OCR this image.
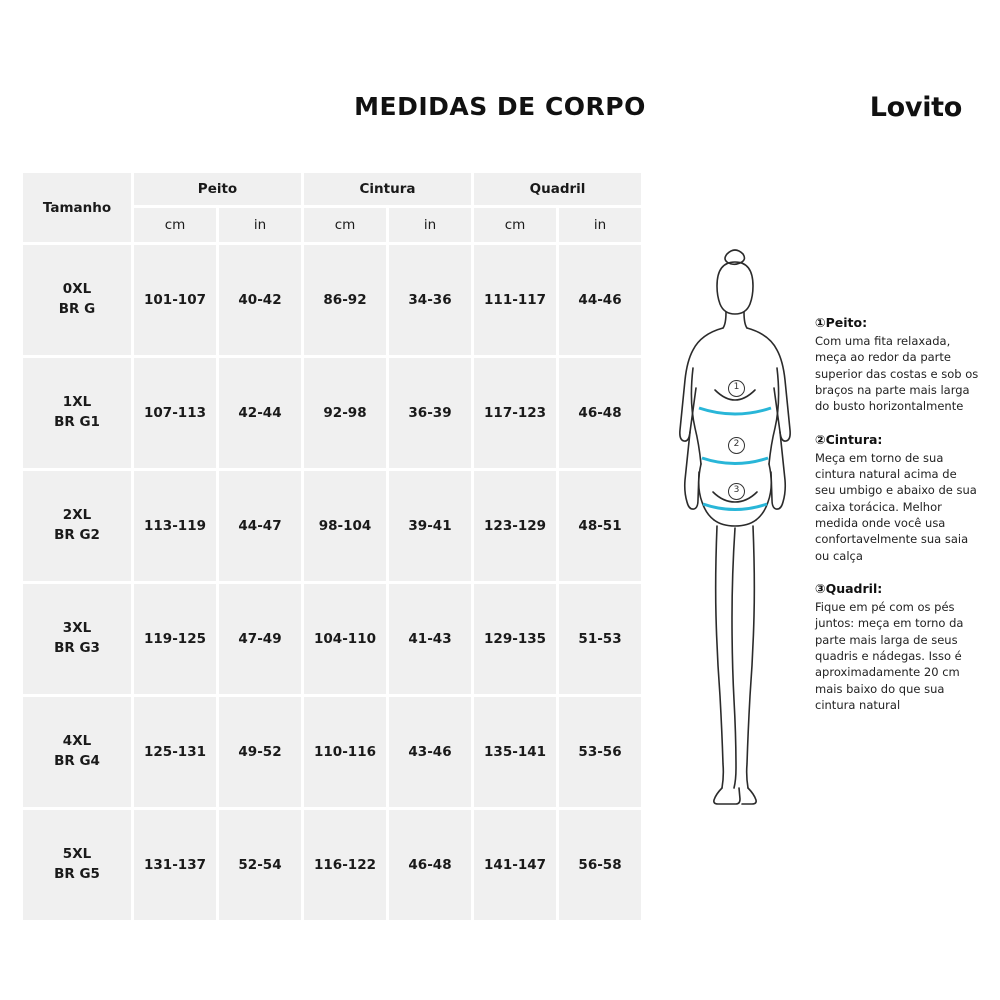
MEDIDAS DE CORPO	Lovito
Tamanho	Peito		Cintura		Quadril	
	cm	in	cm	in	cm	in

0XL
BR G	101-107	40-42	86-92	34-36	111-117	44-46

1XL
BR G1	107-113	42-44	92-98	36-39	117-123	46-48

2XL
BR G2	113-119	44-47	98-104	39-41	123-129	48-51

3XL
BR G3	119-125	47-49	104-110	41-43	129-135	51-53

4XL
BR G4	125-131	49-52	110-116	43-46	135-141	53-56

5XL
BR G5	131-137	52-54	116-122	46-48	141-147	56-58
1
2
3
①Peito:
Com uma fita relaxada, meça ao redor da parte superior das costas e sob os braços na parte mais larga do busto horizontalmente
②Cintura:
Meça em torno de sua cintura natural acima de seu umbigo e abaixo de sua caixa torácica. Melhor medida onde você usa confortavelmente sua saia ou calça
③Quadril:
Fique em pé com os pés juntos: meça em torno da parte mais larga de seus quadris e nádegas. Isso é aproximadamente 20 cm mais baixo do que sua cintura natural
